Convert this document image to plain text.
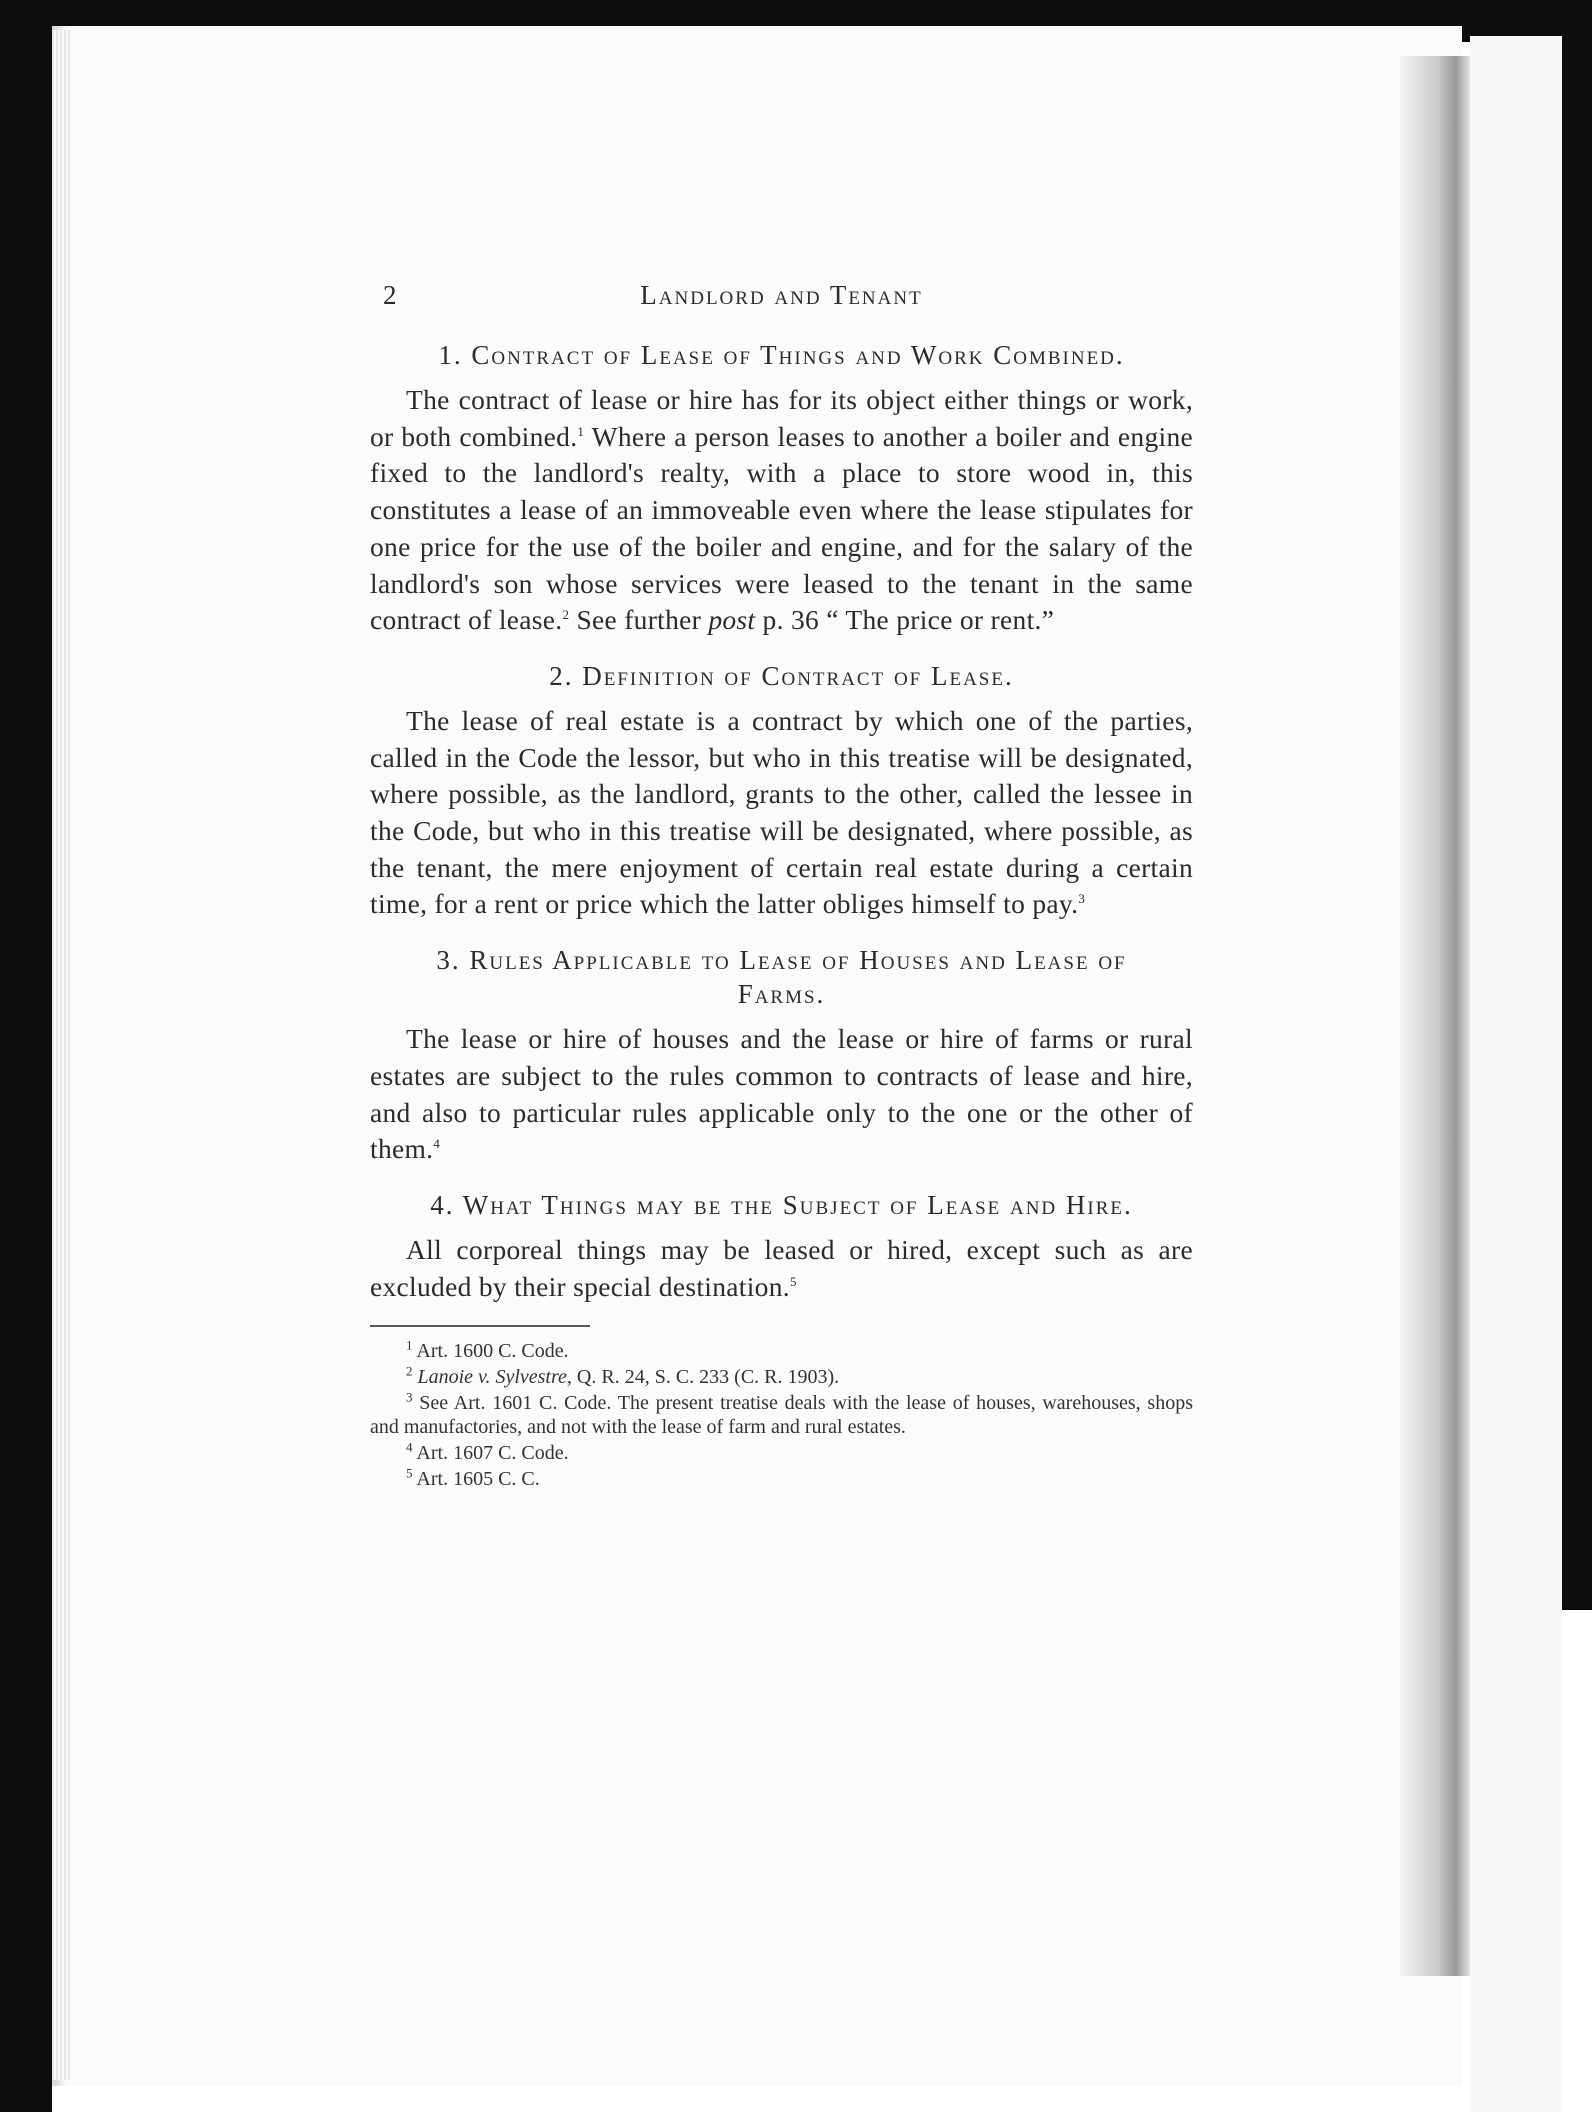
2	Landlord and Tenant
1. Contract of Lease of Things and Work Combined.

The contract of lease or hire has for its object either things or work, or both combined.$^1$ Where a person leases to another a boiler and engine fixed to the landlord's realty, with a place to store wood in, this constitutes a lease of an immoveable even where the lease stipulates for one price for the use of the boiler and engine, and for the salary of the landlord's son whose services were leased to the tenant in the same contract of lease.$^2$ See further post p. 36 “ The price or rent.”

2. Definition of Contract of Lease.

The lease of real estate is a contract by which one of the parties, called in the Code the lessor, but who in this treatise will be designated, where possible, as the landlord, grants to the other, called the lessee in the Code, but who in this treatise will be designated, where possible, as the tenant, the mere enjoyment of certain real estate during a certain time, for a rent or price which the latter obliges himself to pay.$^3$

3. Rules Applicable to Lease of Houses and Lease of Farms.

The lease or hire of houses and the lease or hire of farms or rural estates are subject to the rules common to contracts of lease and hire, and also to particular rules applicable only to the one or the other of them.$^4$

4. What Things may be the Subject of Lease and Hire.

All corporeal things may be leased or hired, except such as are excluded by their special destination.$^5$

$^1$ Art. 1600 C. Code.

$^2$ Lanoie v. Sylvestre, Q. R. 24, S. C. 233 (C. R. 1903).

$^3$ See Art. 1601 C. Code. The present treatise deals with the lease of houses, warehouses, shops and manufactories, and not with the lease of farm and rural estates.

$^4$ Art. 1607 C. Code.

$^5$ Art. 1605 C. C.
